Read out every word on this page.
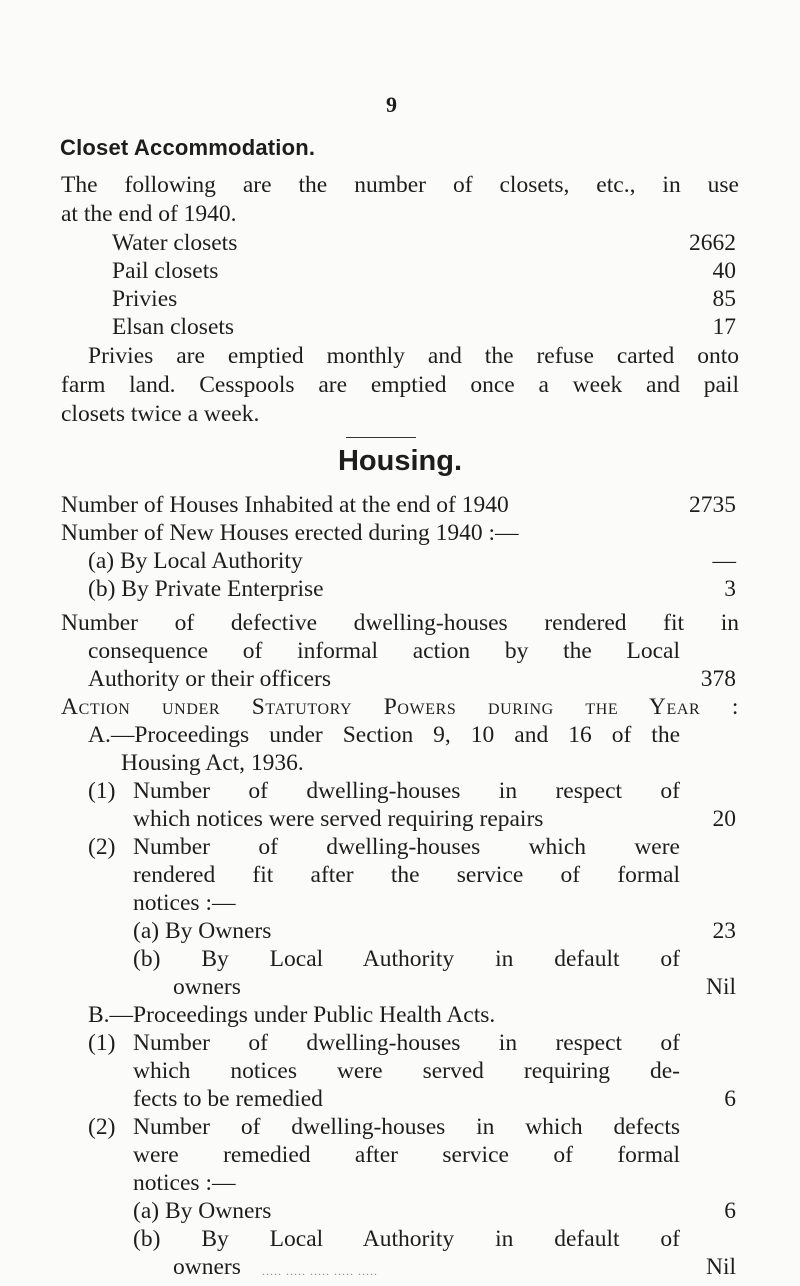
9
Closet Accommodation.
The following are the number of closets, etc., in use
at the end of 1940.
Water closets	2662
Pail closets	40
Privies	85
Elsan closets	17
Privies are emptied monthly and the refuse carted onto
farm land. Cesspools are emptied once a week and pail
closets twice a week.
Housing.
Number of Houses Inhabited at the end of 1940	2735
Number of New Houses erected during 1940 :—
(a) By Local Authority	—
(b) By Private Enterprise	3
Number of defective dwelling-houses rendered fit in
consequence of informal action by the Local
Authority or their officers	378
Action under Statutory Powers during the Year :
A.—Proceedings under Section 9, 10 and 16 of the
Housing Act, 1936.
(1) Number of dwelling-houses in respect of
which notices were served requiring repairs	20
(2) Number of dwelling-houses which were
rendered fit after the service of formal
notices :—
(a) By Owners	23
(b) By Local Authority in default of
owners	Nil
B.—Proceedings under Public Health Acts.
(1) Number of dwelling-houses in respect of
which notices were served requiring de-
fects to be remedied	6
(2) Number of dwelling-houses in which defects
were remedied after service of formal
notices :—
(a) By Owners	6
(b) By Local Authority in default of
owners ..... ..... ..... ..... .....	Nil
